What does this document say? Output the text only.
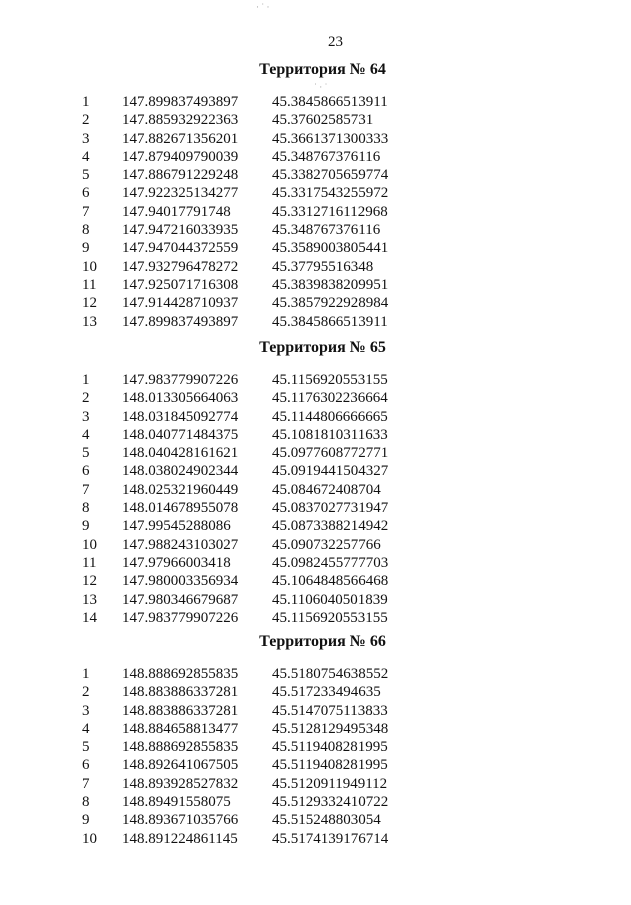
23
Территория № 64
1	147.899837493897	45.3845866513911
2	147.885932922363	45.37602585731
3	147.882671356201	45.3661371300333
4	147.879409790039	45.348767376116
5	147.886791229248	45.3382705659774
6	147.922325134277	45.3317543255972
7	147.94017791748	45.3312716112968
8	147.947216033935	45.348767376116
9	147.947044372559	45.3589003805441
10	147.932796478272	45.37795516348
11	147.925071716308	45.3839838209951
12	147.914428710937	45.3857922928984
13	147.899837493897	45.3845866513911
Территория № 65
1	147.983779907226	45.1156920553155
2	148.013305664063	45.1176302236664
3	148.031845092774	45.1144806666665
4	148.040771484375	45.1081810311633
5	148.040428161621	45.0977608772771
6	148.038024902344	45.0919441504327
7	148.025321960449	45.084672408704
8	148.014678955078	45.0837027731947
9	147.99545288086	45.0873388214942
10	147.988243103027	45.090732257766
11	147.97966003418	45.0982455777703
12	147.980003356934	45.1064848566468
13	147.980346679687	45.1106040501839
14	147.983779907226	45.1156920553155
Территория № 66
1	148.888692855835	45.5180754638552
2	148.883886337281	45.517233494635
3	148.883886337281	45.5147075113833
4	148.884658813477	45.5128129495348
5	148.888692855835	45.5119408281995
6	148.892641067505	45.5119408281995
7	148.893928527832	45.5120911949112
8	148.89491558075	45.5129332410722
9	148.893671035766	45.515248803054
10	148.891224861145	45.5174139176714
· ˙ ·
˙ · ˙
